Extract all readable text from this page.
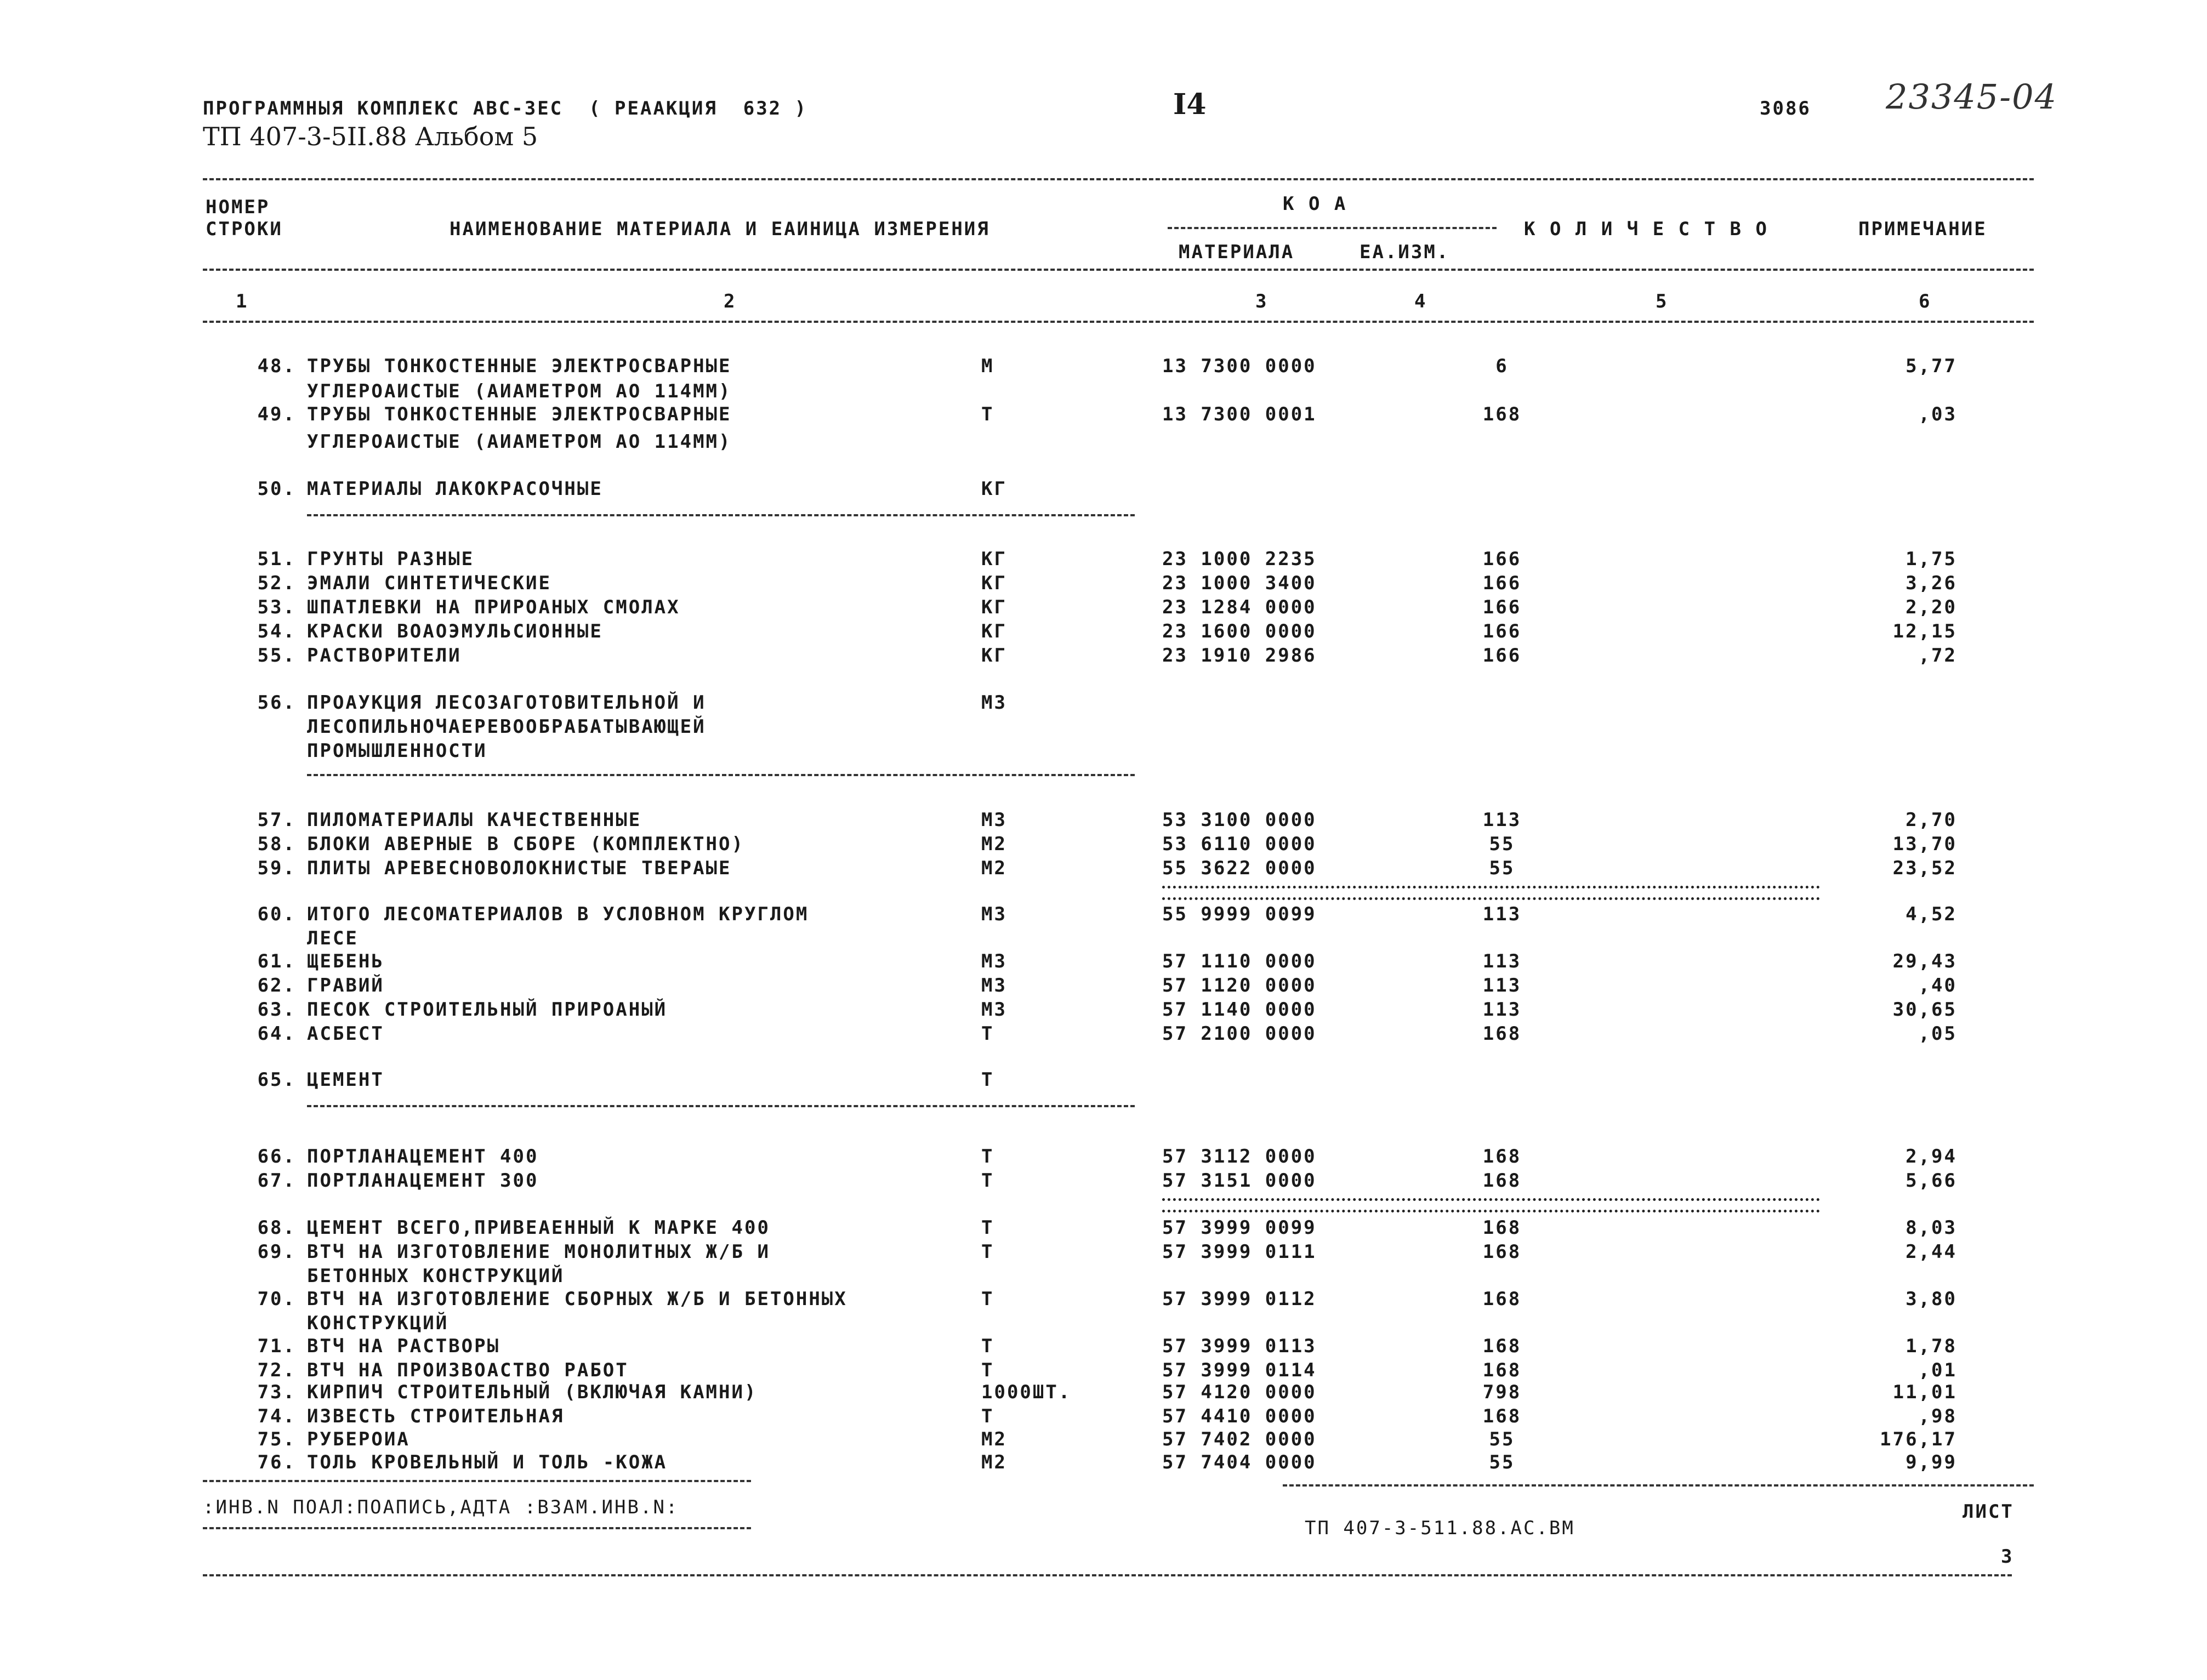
ПРОГРАММНЫЯ КОМПЛЕКС АВС-ЗЕС  ( РЕААКЦИЯ  632 )
ТП 407-3-5II.88 Альбом 5
I4	3086 23345-04
НОМЕР
СТРОКИ	НАИМЕНОВАНИЕ МАТЕРИАЛА И ЕАИНИЦА ИЗМЕРЕНИЯ
К О А
МАТЕРИАЛА	ЕА.ИЗМ.
К О Л И Ч Е С Т В О	ПРИМЕЧАНИЕ
1	2	3	4	5	6
48. ТРУБЫ ТОНКОСТЕННЫЕ ЭЛЕКТРОСВАРНЫЕ	М	13 7300 0000	6	5,77
УГЛЕРОАИСТЫЕ (АИАМЕТРОМ АО 114ММ)
49. ТРУБЫ ТОНКОСТЕННЫЕ ЭЛЕКТРОСВАРНЫЕ	Т	13 7300 0001	168	,03
УГЛЕРОАИСТЫЕ (АИАМЕТРОМ АО 114ММ)
50. МАТЕРИАЛЫ ЛАКОКРАСОЧНЫЕ	КГ
51. ГРУНТЫ РАЗНЫЕ	КГ	23 1000 2235	166	1,75
52. ЭМАЛИ СИНТЕТИЧЕСКИЕ	КГ	23 1000 3400	166	3,26
53. ШПАТЛЕВКИ НА ПРИРОАНЫХ СМОЛАХ	КГ	23 1284 0000	166	2,20
54. КРАСКИ ВОАОЭМУЛЬСИОННЫЕ	КГ	23 1600 0000	166	12,15
55. РАСТВОРИТЕЛИ	КГ	23 1910 2986	166	,72
56. ПРОАУКЦИЯ ЛЕСОЗАГОТОВИТЕЛЬНОЙ И	М3
ЛЕСОПИЛЬНОЧАЕРЕВООБРАБАТЫВАЮЩЕЙ
ПРОМЫШЛЕННОСТИ
57. ПИЛОМАТЕРИАЛЫ КАЧЕСТВЕННЫЕ	М3	53 3100 0000	113	2,70
58. БЛОКИ АВЕРНЫЕ В СБОРЕ (КОМПЛЕКТНО)	М2	53 6110 0000	55	13,70
59. ПЛИТЫ АРЕВЕСНОВОЛОКНИСТЫЕ ТВЕРАЫЕ	М2	55 3622 0000	55	23,52
60. ИТОГО ЛЕСОМАТЕРИАЛОВ В УСЛОВНОМ КРУГЛОМ	М3	55 9999 0099	113	4,52
ЛЕСЕ
61. ЩЕБЕНЬ	М3	57 1110 0000	113	29,43
62. ГРАВИЙ	М3	57 1120 0000	113	,40
63. ПЕСОК СТРОИТЕЛЬНЫЙ ПРИРОАНЫЙ	М3	57 1140 0000	113	30,65
64. АСБЕСТ	Т	57 2100 0000	168	,05
65. ЦЕМЕНТ	Т
66. ПОРТЛАНАЦЕМЕНТ 400	Т	57 3112 0000	168	2,94
67. ПОРТЛАНАЦЕМЕНТ 300	Т	57 3151 0000	168	5,66
68. ЦЕМЕНТ ВСЕГО,ПРИВЕАЕННЫЙ К МАРКЕ 400	Т	57 3999 0099	168	8,03
69. ВТЧ НА ИЗГОТОВЛЕНИЕ МОНОЛИТНЫХ Ж/Б И	Т	57 3999 0111	168	2,44
БЕТОННЫХ КОНСТРУКЦИЙ
70. ВТЧ НА ИЗГОТОВЛЕНИЕ СБОРНЫХ Ж/Б И БЕТОННЫХ	Т	57 3999 0112	168	3,80
КОНСТРУКЦИЙ
71. ВТЧ НА РАСТВОРЫ	Т	57 3999 0113	168	1,78
72. ВТЧ НА ПРОИЗВОАСТВО РАБОТ	Т	57 3999 0114	168	,01
73. КИРПИЧ СТРОИТЕЛЬНЫЙ (ВКЛЮЧАЯ КАМНИ)	1000ШТ.	57 4120 0000	798	11,01
74. ИЗВЕСТЬ СТРОИТЕЛЬНАЯ	Т	57 4410 0000	168	,98
75. РУБЕРОИА	М2	57 7402 0000	55	176,17
76. ТОЛЬ КРОВЕЛЬНЫЙ И ТОЛЬ -КОЖА	М2	57 7404 0000	55	9,99
:ИНВ.N ПОАЛ:ПОАПИСЬ,АДТА :ВЗАМ.ИНВ.N:
ТП 407-3-511.88.АС.ВМ
ЛИСТ
3
